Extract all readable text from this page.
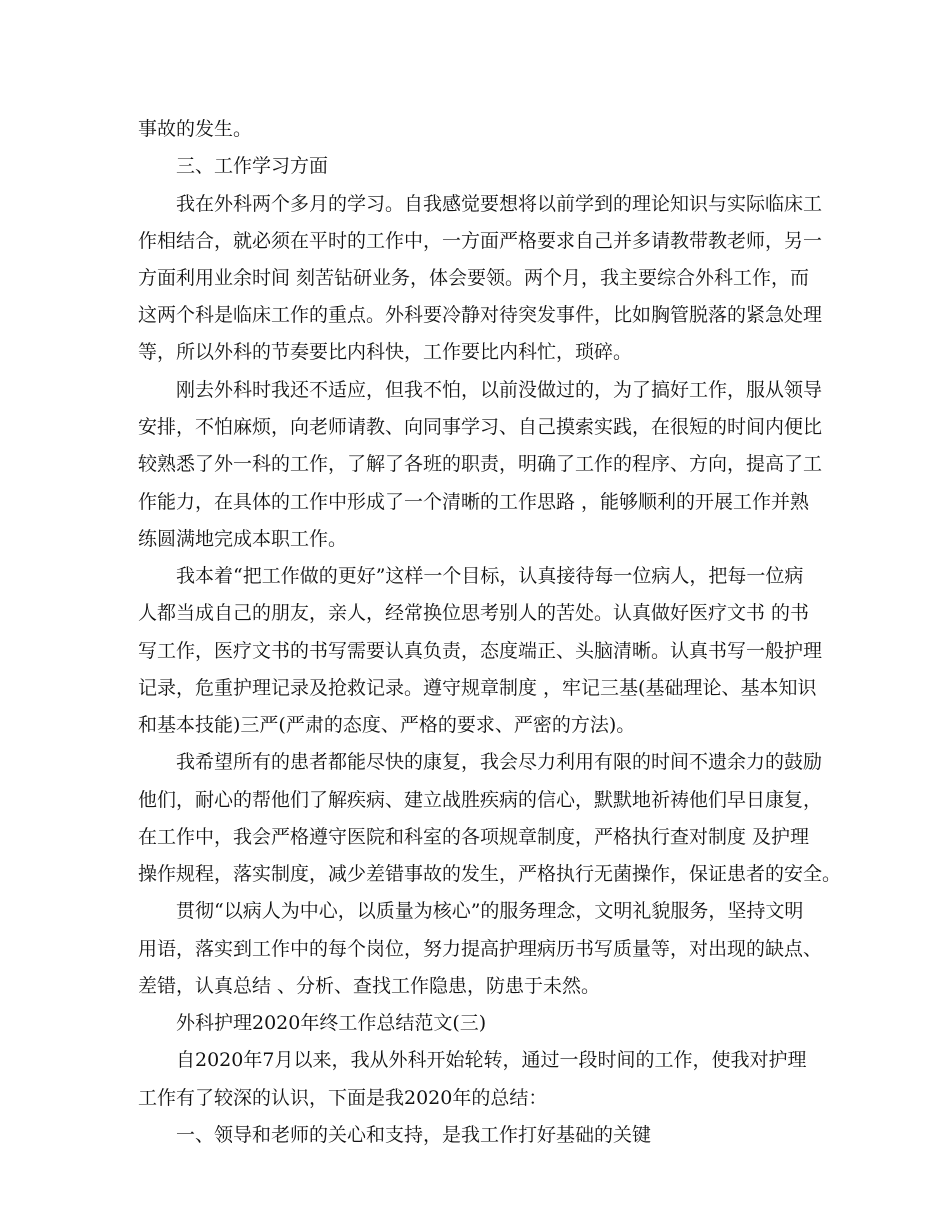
事故的发生。

三、工作学习方面

我在外科两个多月的学习。自我感觉要想将以前学到的理论知识与实际临床工

作相结合，就必须在平时的工作中，一方面严格要求自己并多请教带教老师，另一

方面利用业余时间 刻苦钻研业务，体会要领。两个月，我主要综合外科工作，而

这两个科是临床工作的重点。外科要冷静对待突发事件，比如胸管脱落的紧急处理

等，所以外科的节奏要比内科快，工作要比内科忙，琐碎。

刚去外科时我还不适应，但我不怕，以前没做过的，为了搞好工作，服从领导

安排，不怕麻烦，向老师请教、向同事学习、自己摸索实践，在很短的时间内便比

较熟悉了外一科的工作，了解了各班的职责，明确了工作的程序、方向，提高了工

作能力，在具体的工作中形成了一个清晰的工作思路 ，能够顺利的开展工作并熟

练圆满地完成本职工作。

我本着“把工作做的更好”这样一个目标，认真接待每一位病人，把每一位病

人都当成自己的朋友，亲人，经常换位思考别人的苦处。认真做好医疗文书 的书

写工作，医疗文书的书写需要认真负责，态度端正、头脑清晰。认真书写一般护理

记录，危重护理记录及抢救记录。遵守规章制度 ，牢记三基(基础理论、基本知识

和基本技能)三严(严肃的态度、严格的要求、严密的方法)。

我希望所有的患者都能尽快的康复，我会尽力利用有限的时间不遗余力的鼓励

他们，耐心的帮他们了解疾病、建立战胜疾病的信心，默默地祈祷他们早日康复，

在工作中，我会严格遵守医院和科室的各项规章制度，严格执行查对制度 及护理

操作规程，落实制度，减少差错事故的发生，严格执行无菌操作，保证患者的安全。

贯彻“以病人为中心，以质量为核心”的服务理念，文明礼貌服务，坚持文明

用语，落实到工作中的每个岗位，努力提高护理病历书写质量等，对出现的缺点、

差错，认真总结 、分析、查找工作隐患，防患于未然。

外科护理2020年终工作总结范文(三)

自2020年7月以来，我从外科开始轮转，通过一段时间的工作，使我对护理

工作有了较深的认识，下面是我2020年的总结：

一、领导和老师的关心和支持，是我工作打好基础的关键
